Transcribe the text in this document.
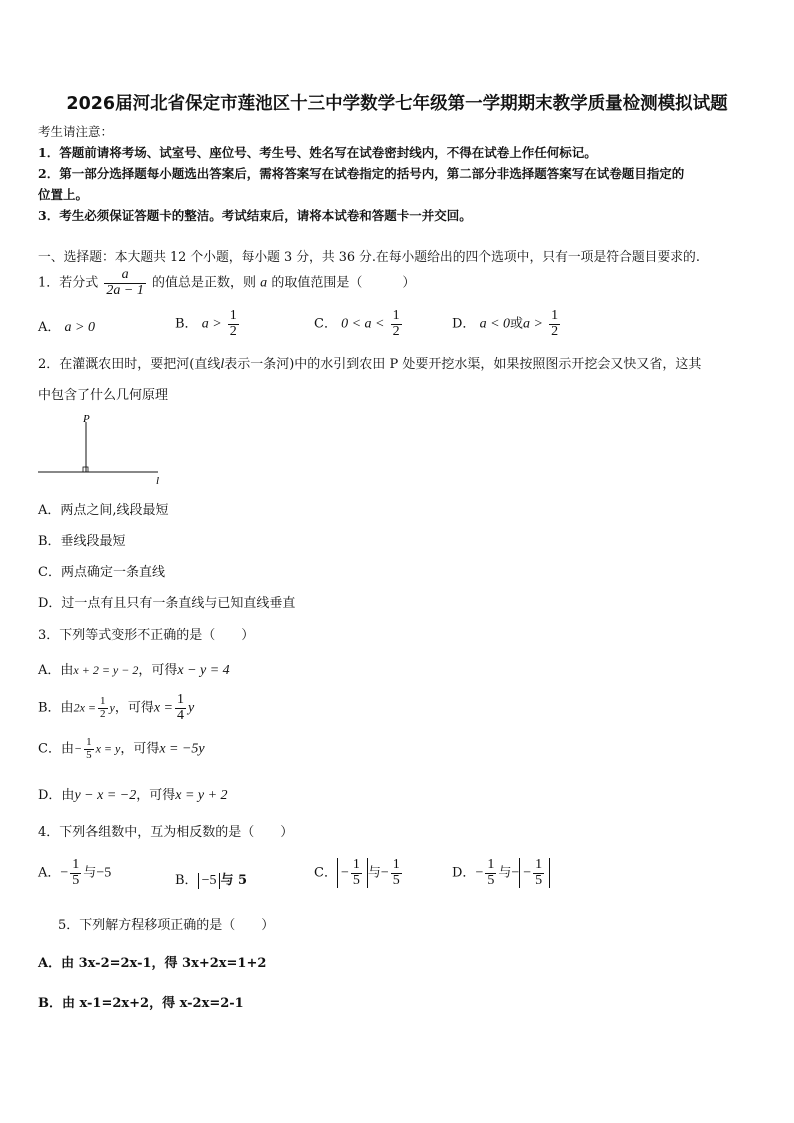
2026届河北省保定市莲池区十三中学数学七年级第一学期期末教学质量检测模拟试题
考生请注意：
1．答题前请将考场、试室号、座位号、考生号、姓名写在试卷密封线内，不得在试卷上作任何标记。
2．第一部分选择题每小题选出答案后，需将答案写在试卷指定的括号内，第二部分非选择题答案写在试卷题目指定的
位置上。
3．考生必须保证答题卡的整洁。考试结束后，请将本试卷和答题卡一并交回。
一、选择题：本大题共 12 个小题，每小题 3 分，共 36 分.在每小题给出的四个选项中，只有一项是符合题目要求的.
1．若分式 $\frac{a}{2a - 1}$ 的值总是正数，则 a 的取值范围是（	）
A． a > 0	B． $a > \frac{1}{2}$	C． $0 < a < \frac{1}{2}$	D． a < 0或$a > \frac{1}{2}$
2．在灌溉农田时，要把河(直线l表示一条河)中的水引到农田 P 处要开挖水渠，如果按照图示开挖会又快又省，这其
中包含了什么几何原理
P
l
A．两点之间,线段最短
B．垂线段最短
C．两点确定一条直线
D．过一点有且只有一条直线与已知直线垂直
3．下列等式变形不正确的是（　　）
A．由x + 2 = y − 2，可得x − y = 4
B．由$2x = \frac{1}{2}$ y，可得$x = \frac{1}{4}$ y
C．由− $\frac{1}{5}$ x = y，可得x = −5y
D．由y − x = −2，可得x = y + 2
4．下列各组数中，互为相反数的是（　　）
A．− $\frac{1}{5}$ 与−5	B． −5 与 5	C． − $\frac{1}{5}$ 与− $\frac{1}{5}$	D．− $\frac{1}{5}$ 与− − $\frac{1}{5}$
5．下列解方程移项正确的是（　　）
A．由 3x-2=2x-1，得 3x+2x=1+2
B．由 x-1=2x+2，得 x-2x=2-1
